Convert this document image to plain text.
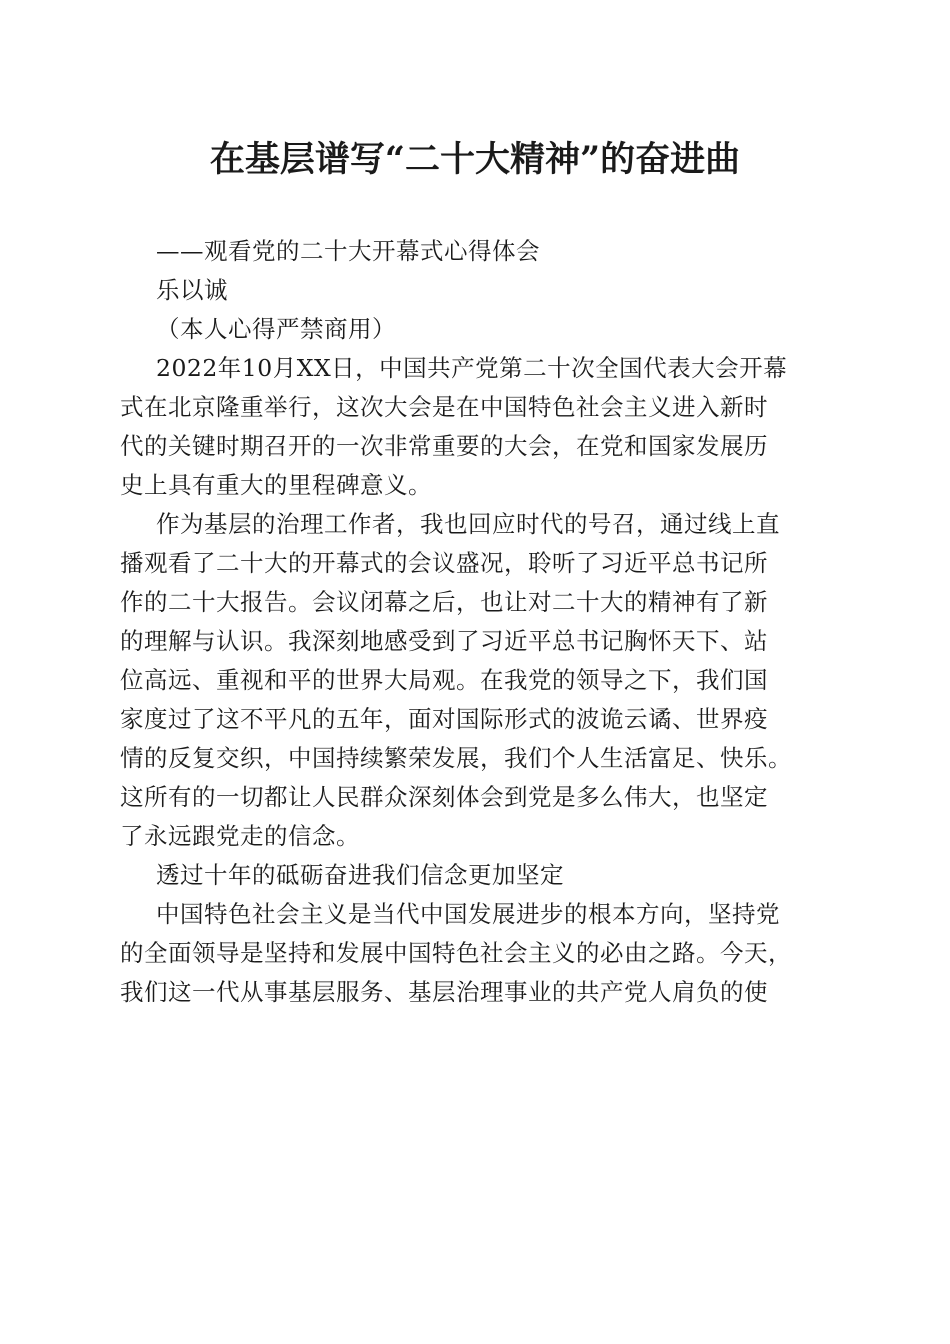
在基层谱写“二十大精神”的奋进曲
——观看党的二十大开幕式心得体会
乐以诚
（本人心得严禁商用）
2022年10月XX日，中国共产党第二十次全国代表大会开幕
式在北京隆重举行，这次大会是在中国特色社会主义进入新时
代的关键时期召开的一次非常重要的大会，在党和国家发展历
史上具有重大的里程碑意义。
作为基层的治理工作者，我也回应时代的号召，通过线上直
播观看了二十大的开幕式的会议盛况，聆听了习近平总书记所
作的二十大报告。会议闭幕之后，也让对二十大的精神有了新
的理解与认识。我深刻地感受到了习近平总书记胸怀天下、站
位高远、重视和平的世界大局观。在我党的领导之下，我们国
家度过了这不平凡的五年，面对国际形式的波诡云谲、世界疫
情的反复交织，中国持续繁荣发展，我们个人生活富足、快乐。
这所有的一切都让人民群众深刻体会到党是多么伟大，也坚定
了永远跟党走的信念。
透过十年的砥砺奋进我们信念更加坚定
中国特色社会主义是当代中国发展进步的根本方向，坚持党
的全面领导是坚持和发展中国特色社会主义的必由之路。今天，
我们这一代从事基层服务、基层治理事业的共产党人肩负的使
